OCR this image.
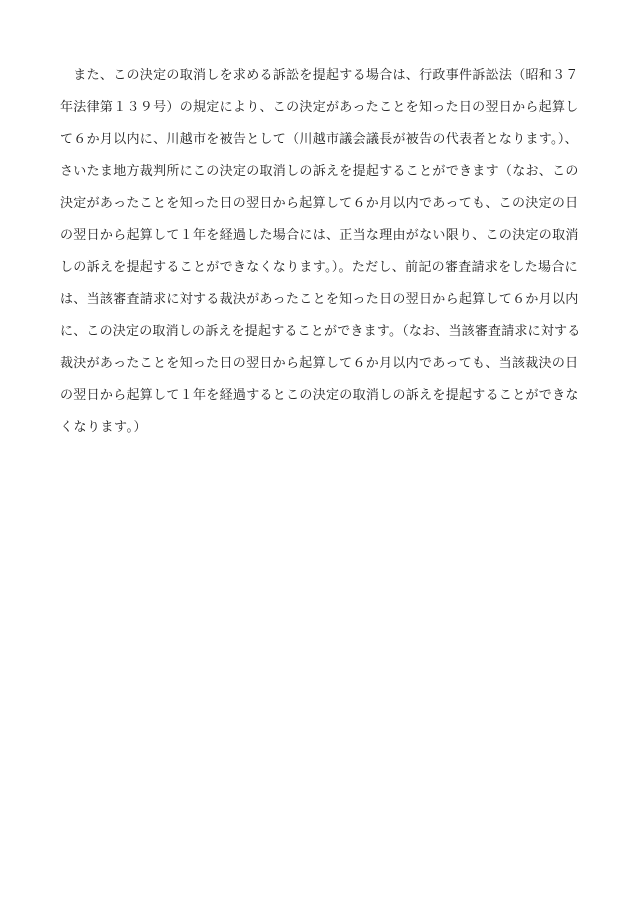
　また、この決定の取消しを求める訴訟を提起する場合は、行政事件訴訟法（昭和３７
年法律第１３９号）の規定により、この決定があったことを知った日の翌日から起算し
て６か月以内に、川越市を被告として（川越市議会議長が被告の代表者となります。）、
さいたま地方裁判所にこの決定の取消しの訴えを提起することができます（なお、この
決定があったことを知った日の翌日から起算して６か月以内であっても、この決定の日
の翌日から起算して１年を経過した場合には、正当な理由がない限り、この決定の取消
しの訴えを提起することができなくなります。）。ただし、前記の審査請求をした場合に
は、当該審査請求に対する裁決があったことを知った日の翌日から起算して６か月以内
に、この決定の取消しの訴えを提起することができます。（なお、当該審査請求に対する
裁決があったことを知った日の翌日から起算して６か月以内であっても、当該裁決の日
の翌日から起算して１年を経過するとこの決定の取消しの訴えを提起することができな
くなります。）
